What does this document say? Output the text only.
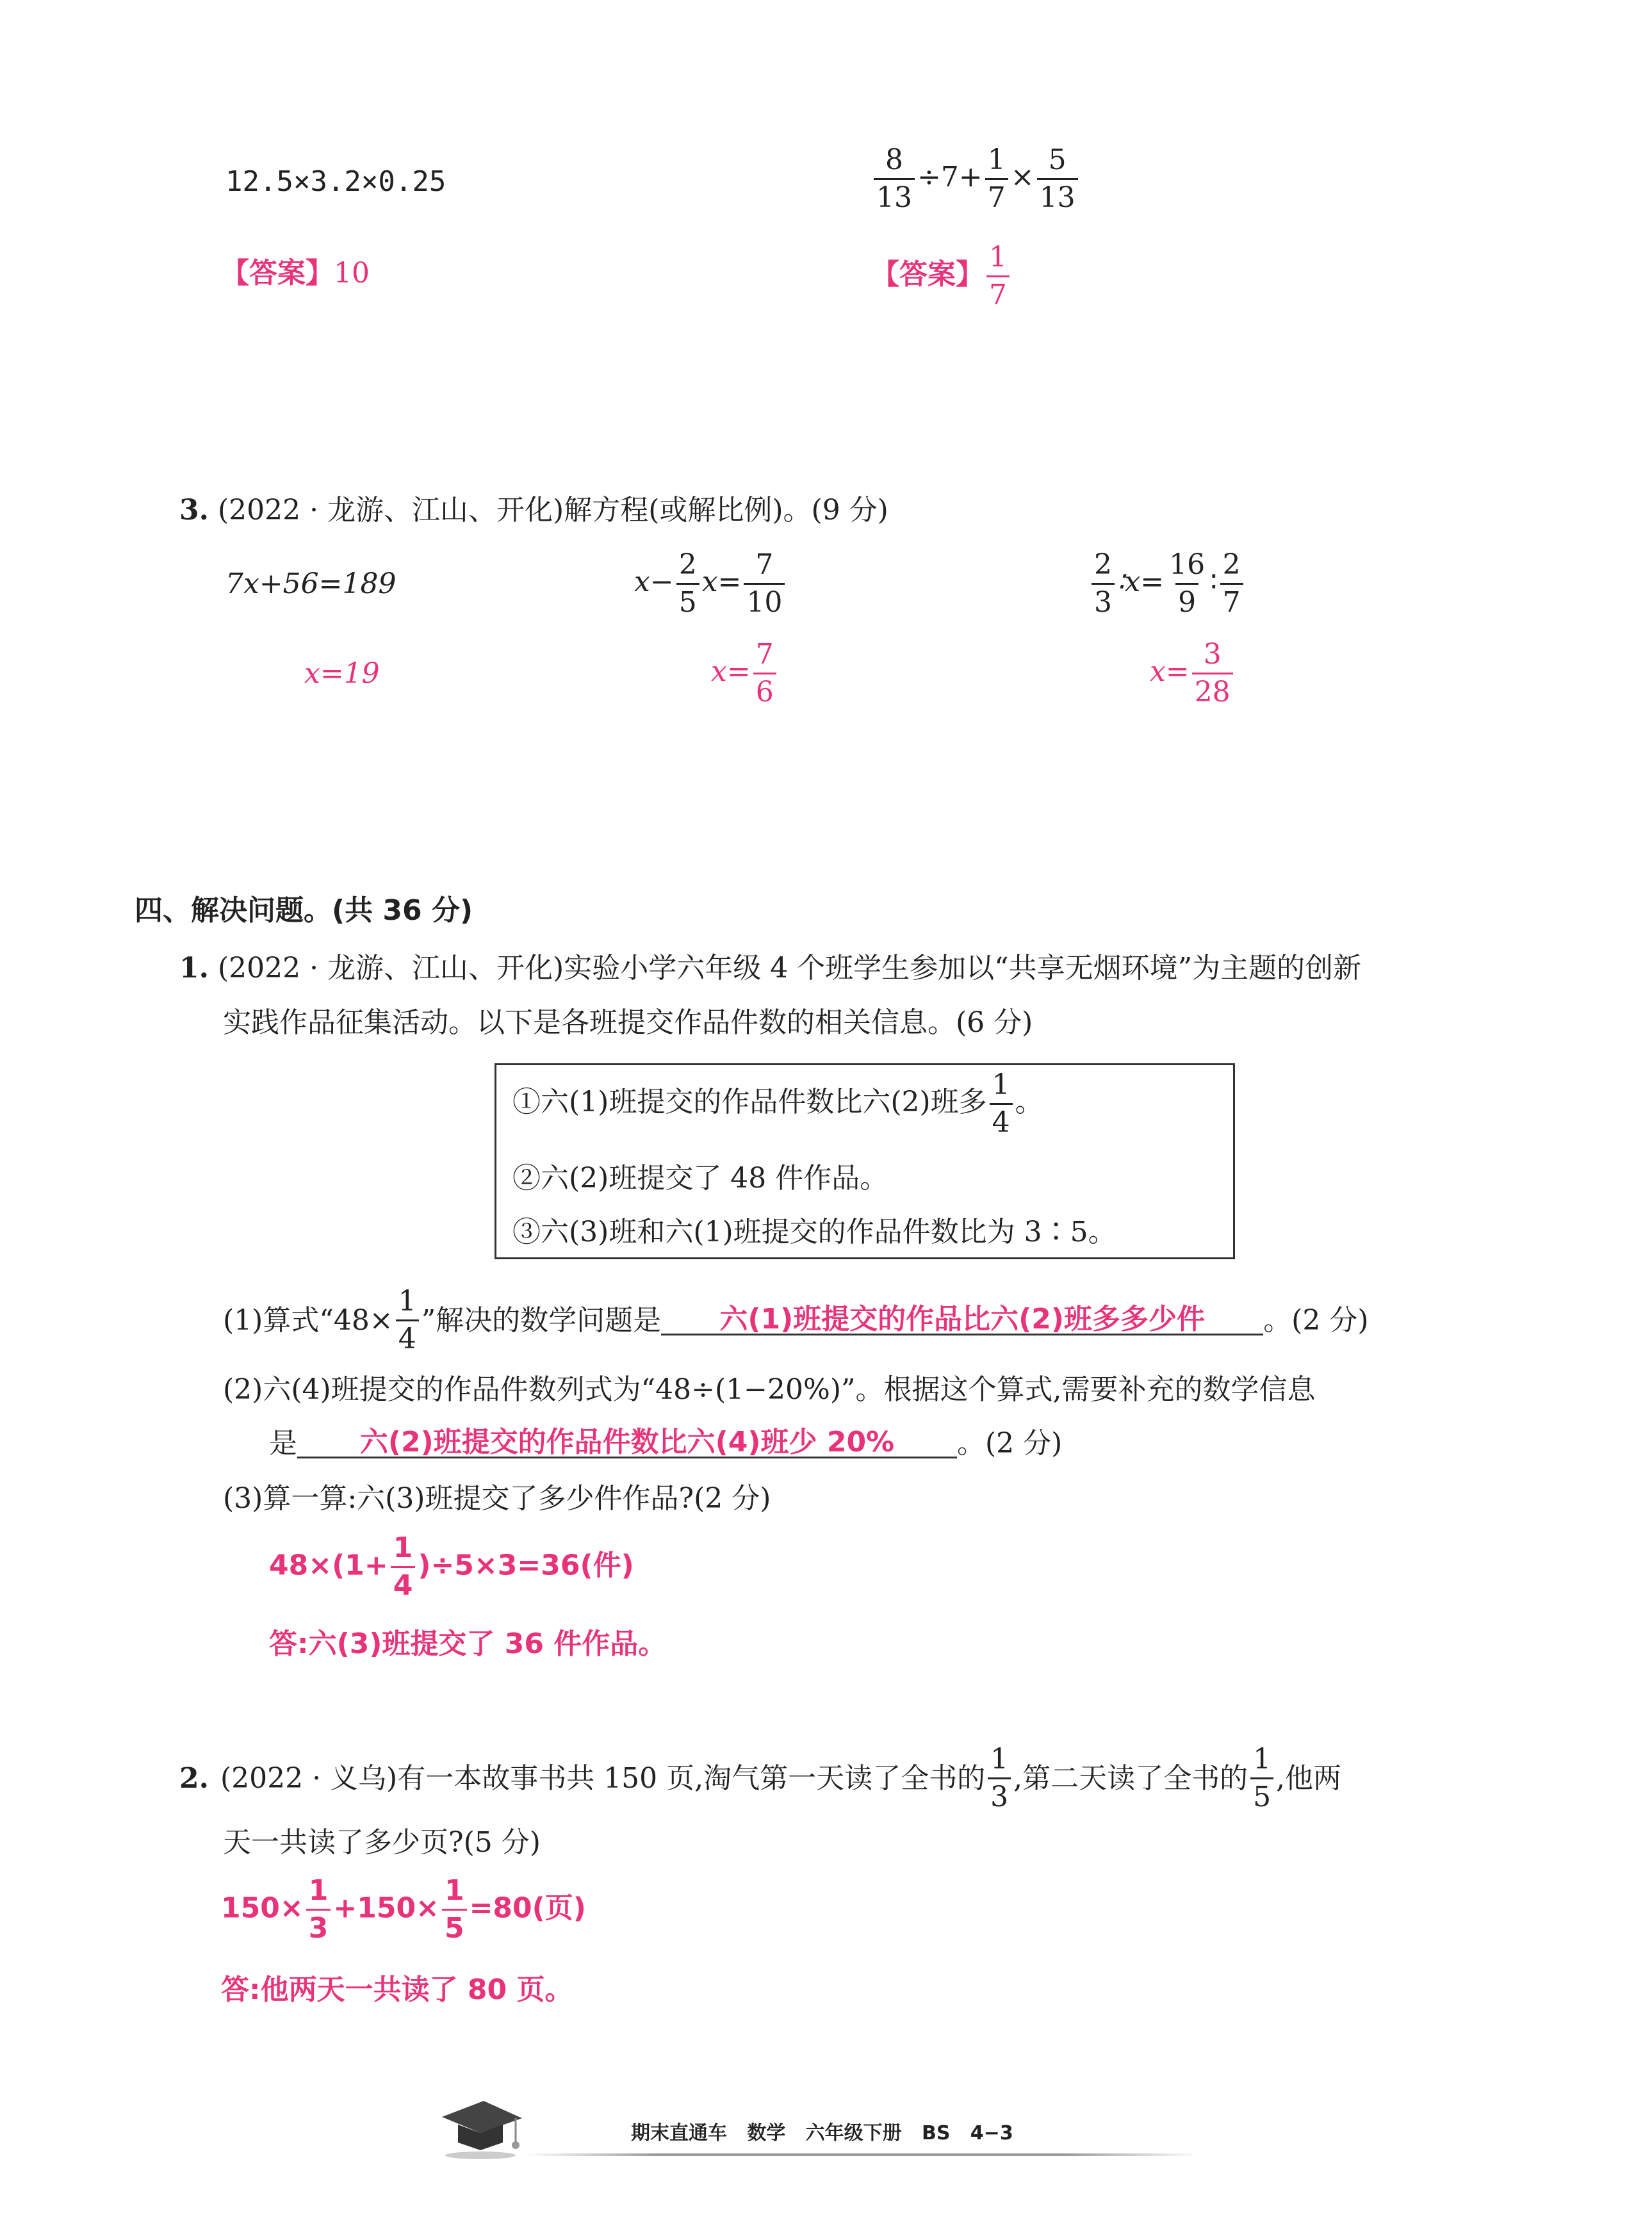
12.5×3.2×0.25
【答案】10
$\frac{8}{13} \div 7+ \frac{1}{7} \times \frac{5}{13}$
【答案】 $\frac{1}{7}$
3. (2022 · 龙游、江山、开化)解方程(或解比例)。(9 分)
7x+56=189
x=19
$x- \frac{2}{5} x= \frac{7}{10}$
$x= \frac{7}{6}$
$\frac{2}{3}$ ∶x= $\frac{16}{9}$ ∶ $\frac{2}{7}$
$x= \frac{3}{28}$
四、解决问题。(共 36 分)
1. (2022 · 龙游、江山、开化)实验小学六年级 4 个班学生参加以“共享无烟环境”为主题的创新
实践作品征集活动。以下是各班提交作品件数的相关信息。(6 分)
①六(1)班提交的作品件数比六(2)班多 $\frac{1}{4}$ 。
②六(2)班提交了 48 件作品。
③六(3)班和六(1)班提交的作品件数比为 3∶5。
(1)算式“$48\times \frac{1}{4}$ ”解决的数学问题是	六(1)班提交的作品比六(2)班多多少件	。(2 分)
(2)六(4)班提交的作品件数列式为“48÷(1−20%)”。根据这个算式,需要补充的数学信息
是	六(2)班提交的作品件数比六(4)班少 20%	。(2 分)
(3)算一算:六(3)班提交了多少件作品?(2 分)
$48\times(1+ \frac{1}{4} )\div 5\times 3=36$(件)
答:六(3)班提交了 36 件作品。
2. (2022 · 义乌)有一本故事书共 150 页,淘气第一天读了全书的 $\frac{1}{3}$ ,第二天读了全书的 $\frac{1}{5}$ ,他两
天一共读了多少页?(5 分)
$150\times \frac{1}{3} +150\times \frac{1}{5} =80$(页)
答:他两天一共读了 80 页。
期末直通车   数学   六年级下册   BS   4−3
